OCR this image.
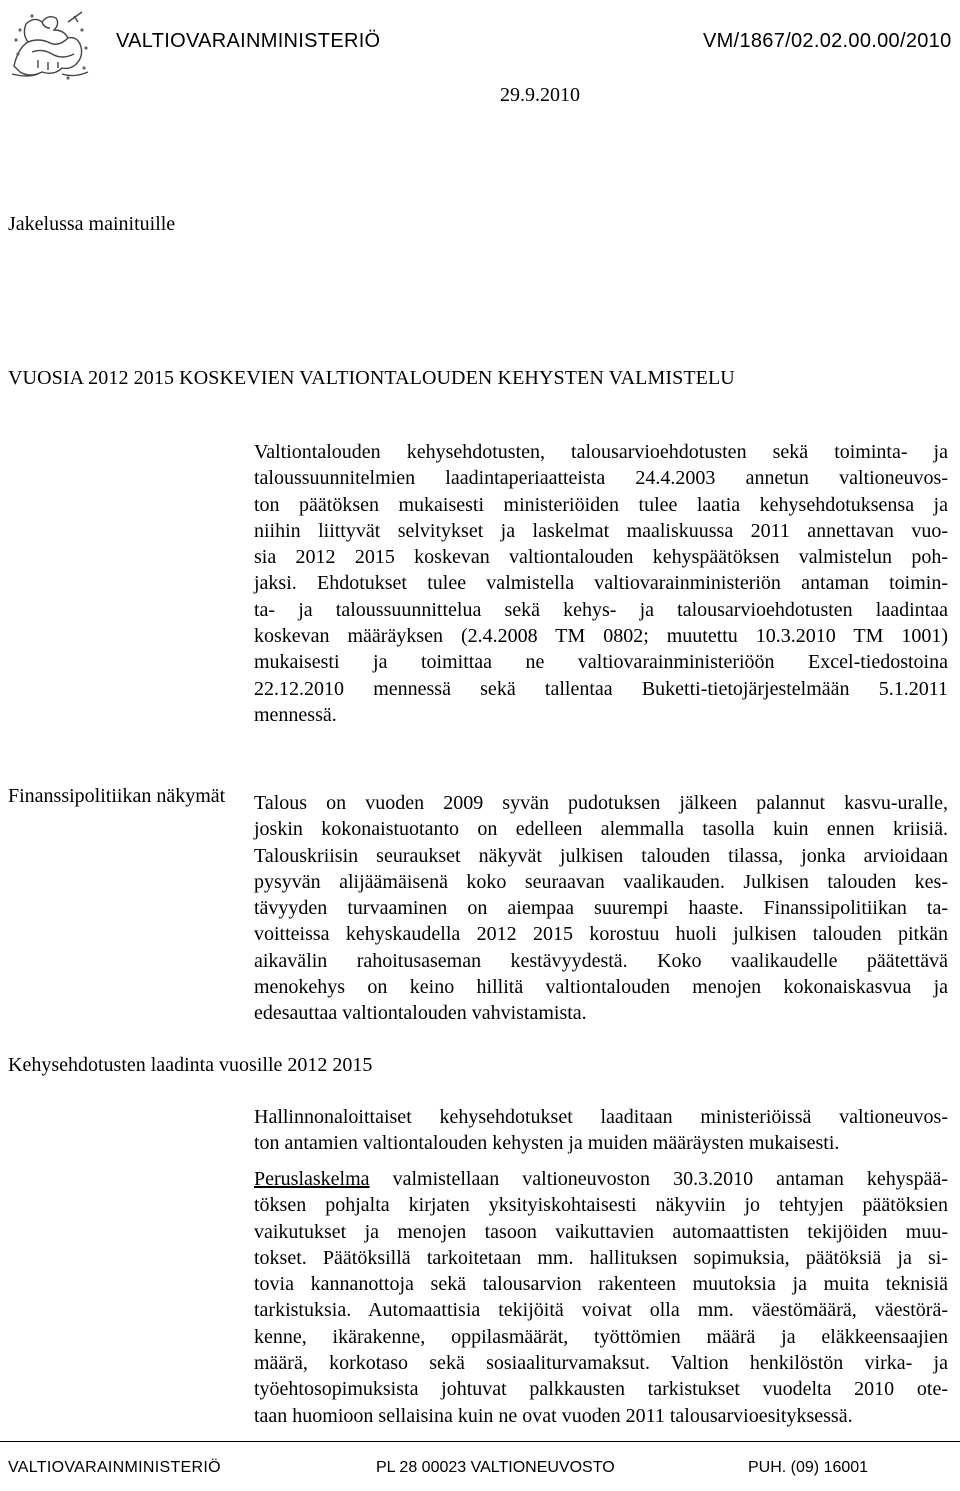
VALTIOVARAINMINISTERIÖ	VM/1867/02.02.00.00/2010
29.9.2010
Jakelussa mainituille
VUOSIA 2012 2015 KOSKEVIEN VALTIONTALOUDEN KEHYSTEN VALMISTELU
Valtiontalouden kehysehdotusten, talousarvioehdotusten sekä toiminta- ja
taloussuunnitelmien laadintaperiaatteista 24.4.2003 annetun valtioneuvos-
ton päätöksen mukaisesti ministeriöiden tulee laatia kehysehdotuksensa ja
niihin liittyvät selvitykset ja laskelmat maaliskuussa 2011 annettavan vuo-
sia 2012 2015 koskevan valtiontalouden kehyspäätöksen valmistelun poh-
jaksi. Ehdotukset tulee valmistella valtiovarainministeriön antaman toimin-
ta- ja taloussuunnittelua sekä kehys- ja talousarvioehdotusten laadintaa
koskevan määräyksen (2.4.2008 TM 0802; muutettu 10.3.2010 TM 1001)
mukaisesti ja toimittaa ne valtiovarainministeriöön Excel-tiedostoina
22.12.2010 mennessä sekä tallentaa Buketti-tietojärjestelmään 5.1.2011
mennessä.
Finanssipolitiikan näkymät Talous on vuoden 2009 syvän pudotuksen jälkeen palannut kasvu-uralle,
joskin kokonaistuotanto on edelleen alemmalla tasolla kuin ennen kriisiä.
Talouskriisin seuraukset näkyvät julkisen talouden tilassa, jonka arvioidaan
pysyvän alijäämäisenä koko seuraavan vaalikauden. Julkisen talouden kes-
tävyyden turvaaminen on aiempaa suurempi haaste. Finanssipolitiikan ta-
voitteissa kehyskaudella 2012 2015 korostuu huoli julkisen talouden pitkän
aikavälin rahoitusaseman kestävyydestä. Koko vaalikaudelle päätettävä
menokehys on keino hillitä valtiontalouden menojen kokonaiskasvua ja
edesauttaa valtiontalouden vahvistamista.
Kehysehdotusten laadinta vuosille 2012 2015
Hallinnonaloittaiset kehysehdotukset laaditaan ministeriöissä valtioneuvos-
ton antamien valtiontalouden kehysten ja muiden määräysten mukaisesti.
Peruslaskelma valmistellaan valtioneuvoston 30.3.2010 antaman kehyspää-
töksen pohjalta kirjaten yksityiskohtaisesti näkyviin jo tehtyjen päätöksien
vaikutukset ja menojen tasoon vaikuttavien automaattisten tekijöiden muu-
tokset. Päätöksillä tarkoitetaan mm. hallituksen sopimuksia, päätöksiä ja si-
tovia kannanottoja sekä talousarvion rakenteen muutoksia ja muita teknisiä
tarkistuksia. Automaattisia tekijöitä voivat olla mm. väestömäärä, väestörä-
kenne, ikärakenne, oppilasmäärät, työttömien määrä ja eläkkeensaajien
määrä, korkotaso sekä sosiaaliturvamaksut. Valtion henkilöstön virka- ja
työehtosopimuksista johtuvat palkkausten tarkistukset vuodelta 2010 ote-
taan huomioon sellaisina kuin ne ovat vuoden 2011 talousarvioesityksessä.
VALTIOVARAINMINISTERIÖ	PL 28 00023 VALTIONEUVOSTO	PUH. (09) 16001
